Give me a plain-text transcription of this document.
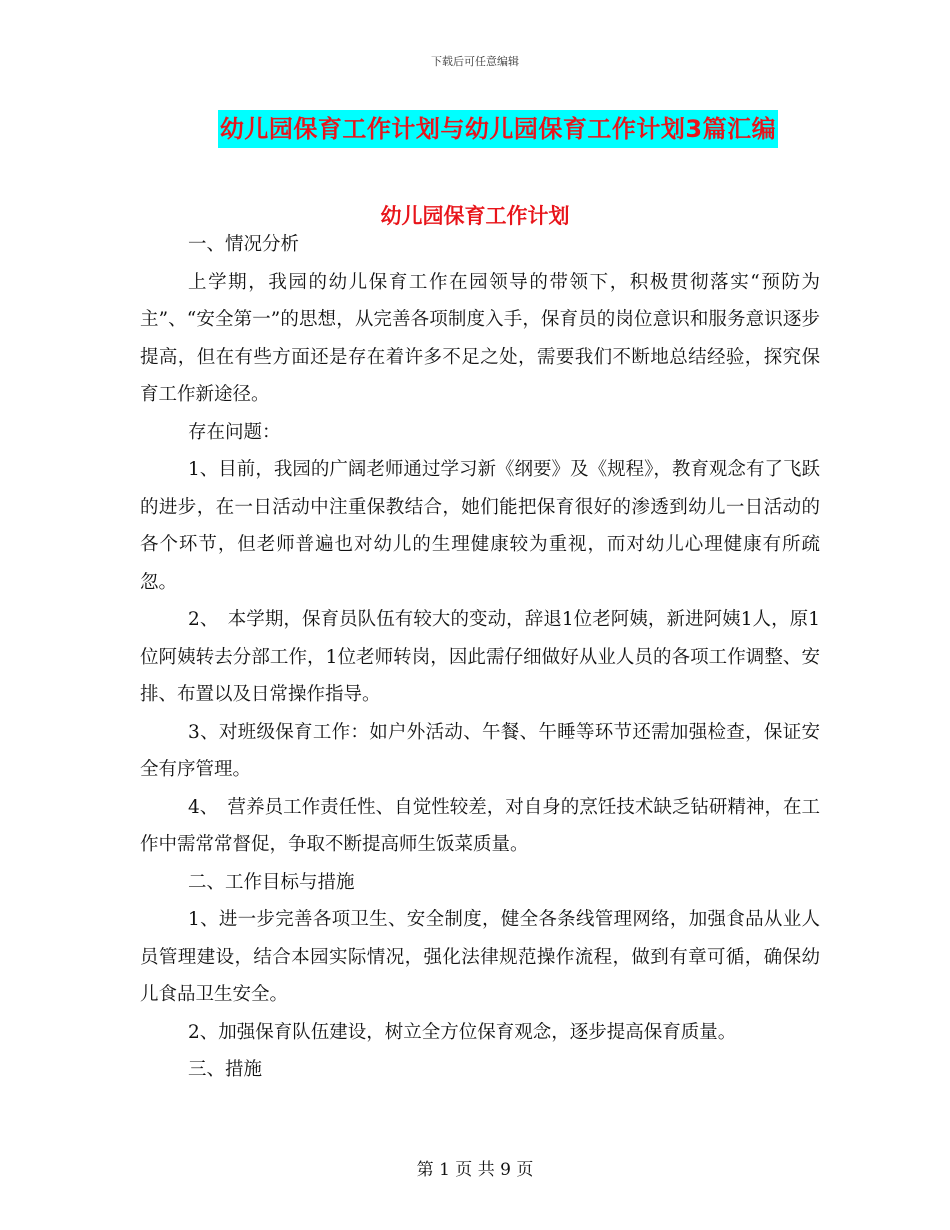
下载后可任意编辑
幼儿园保育工作计划与幼儿园保育工作计划3篇汇编
幼儿园保育工作计划

一、情况分析

上学期，我园的幼儿保育工作在园领导的带领下，积极贯彻落实“预防为主”、“安全第一”的思想，从完善各项制度入手，保育员的岗位意识和服务意识逐步提高，但在有些方面还是存在着许多不足之处，需要我们不断地总结经验，探究保育工作新途径。

存在问题：

1、目前，我园的广阔老师通过学习新《纲要》及《规程》，教育观念有了飞跃的进步，在一日活动中注重保教结合，她们能把保育很好的渗透到幼儿一日活动的各个环节，但老师普遍也对幼儿的生理健康较为重视，而对幼儿心理健康有所疏忽。

2、　本学期，保育员队伍有较大的变动，辞退1位老阿姨，新进阿姨1人，原1位阿姨转去分部工作，1位老师转岗，因此需仔细做好从业人员的各项工作调整、安排、布置以及日常操作指导。

3、对班级保育工作：如户外活动、午餐、午睡等环节还需加强检查，保证安全有序管理。

4、　营养员工作责任性、自觉性较差，对自身的烹饪技术缺乏钻研精神，在工作中需常常督促，争取不断提高师生饭菜质量。

二、工作目标与措施

1、进一步完善各项卫生、安全制度，健全各条线管理网络，加强食品从业人员管理建设，结合本园实际情况，强化法律规范操作流程，做到有章可循，确保幼儿食品卫生安全。

2、加强保育队伍建设，树立全方位保育观念，逐步提高保育质量。

三、措施

第 1 页 共 9 页
